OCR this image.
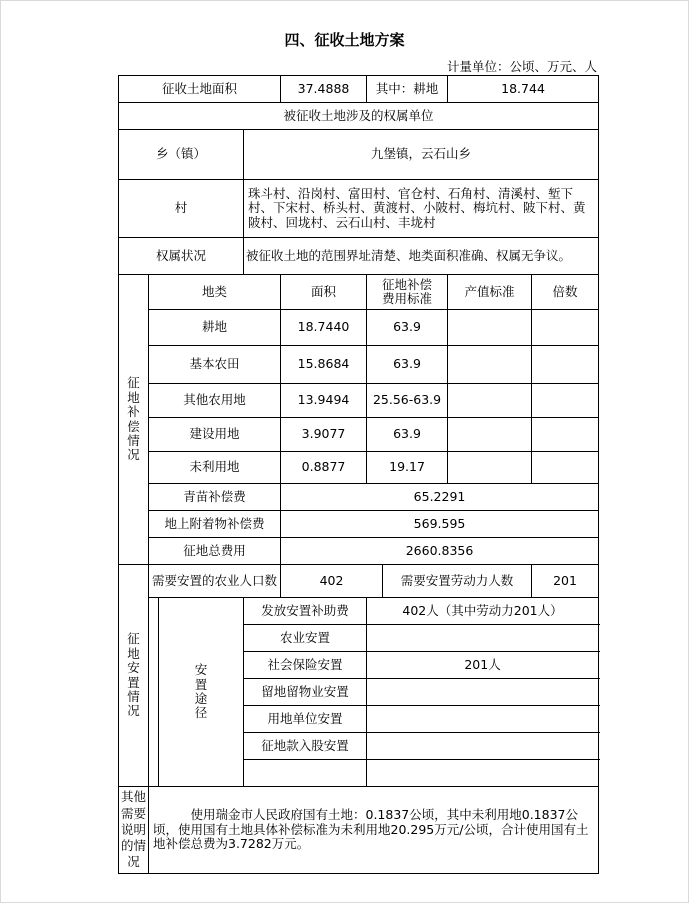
四、征收土地方案
计量单位：公顷、万元、人
征收土地面积				37.4888	其中：耕地		18.744	
被征收土地涉及的权属单位								
乡（镇）			九堡镇，云石山乡					
村			珠斗村、沿岗村、富田村、官仓村、石角村、清溪村、堑下村、下宋村、桥头村、黄渡村、小陂村、梅坑村、陂下村、黄陂村、回垅村、云石山村、丰垅村					
权属状况			被征收土地的范围界址清楚、地类面积准确、权属无争议。					

征地补偿情况	地类			面积	征地补偿费用标准		产值标准	倍数
	耕地			18.7440	63.9			
	基本农田			15.8684	63.9			
	其他农用地			13.9494	25.56-63.9			
	建设用地			3.9077	63.9			
	未利用地			0.8877	19.17			
	青苗补偿费			65.2291				
	地上附着物补偿费			569.595				
	征地总费用			2660.8356				

征地安置情况	需要安置的农业人口数			402		需要安置劳动力人数		201

		安置途径	发放安置补助费		402人（其中劳动力201人）			
			农业安置					
			社会保险安置		201人			
			留地留物业安置					
			用地单位安置					
			征地款入股安置					

其他需要说明的情况	使用瑞金市人民政府国有土地：0.1837公顷，其中未利用地0.1837公顷，使用国有土地具体补偿标准为未利用地20.295万元/公顷，合计使用国有土地补偿总费为3.7282万元。							
